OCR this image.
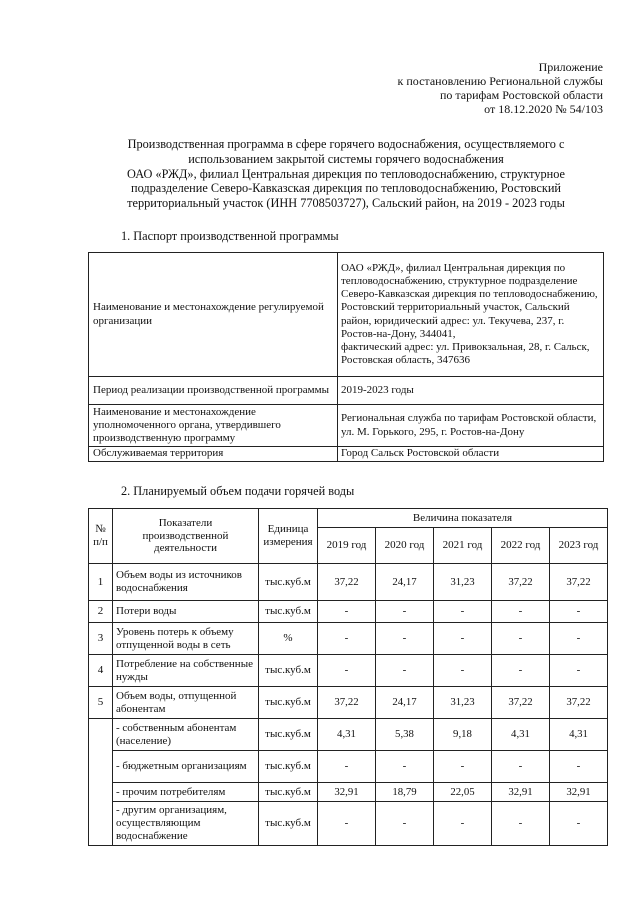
Приложение
к постановлению Региональной службы
по тарифам Ростовской области
от 18.12.2020 № 54/103
Производственная программа в сфере горячего водоснабжения, осуществляемого с
использованием закрытой системы горячего водоснабжения
ОАО «РЖД», филиал Центральная дирекция по тепловодоснабжению, структурное
подразделение Северо-Кавказская дирекция по тепловодоснабжению, Ростовский
территориальный участок (ИНН 7708503727), Сальский район, на 2019 - 2023 годы
1. Паспорт производственной программы
Наименование и местонахождение регулируемой организации	ОАО «РЖД», филиал Центральная дирекция по тепловодоснабжению, структурное подразделение Северо-Кавказская дирекция по тепловодоснабжению, Ростовский территориальный участок, Сальский район, юридический адрес: ул. Текучева, 237, г. Ростов-на-Дону, 344041,
фактический адрес: ул. Привокзальная, 28, г. Сальск, Ростовская область, 347636

Период реализации производственной программы	2019-2023 годы
Наименование и местонахождение уполномоченного органа, утвердившего производственную программу	Региональная служба по тарифам Ростовской области, ул. М. Горького, 295, г. Ростов-на-Дону
Обслуживаемая территория	Город Сальск Ростовской области
2. Планируемый объем подачи горячей воды
№ п/п	Показатели производственной деятельности	Единица измерения	Величина показателя				
			2019 год	2020 год	2021 год	2022 год	2023 год
1	Объем воды из источников водоснабжения	тыс.куб.м	37,22	24,17	31,23	37,22	37,22
2	Потери воды	тыс.куб.м	-	-	-	-	-
3	Уровень потерь к объему отпущенной воды в сеть	%	-	-	-	-	-
4	Потребление на собственные нужды	тыс.куб.м	-	-	-	-	-
5	Объем воды, отпущенной абонентам	тыс.куб.м	37,22	24,17	31,23	37,22	37,22
	- собственным абонентам (население)	тыс.куб.м	4,31	5,38	9,18	4,31	4,31
	- бюджетным организациям	тыс.куб.м	-	-	-	-	-
	- прочим потребителям	тыс.куб.м	32,91	18,79	22,05	32,91	32,91
	- другим организациям, осуществляющим водоснабжение	тыс.куб.м	-	-	-	-	-
